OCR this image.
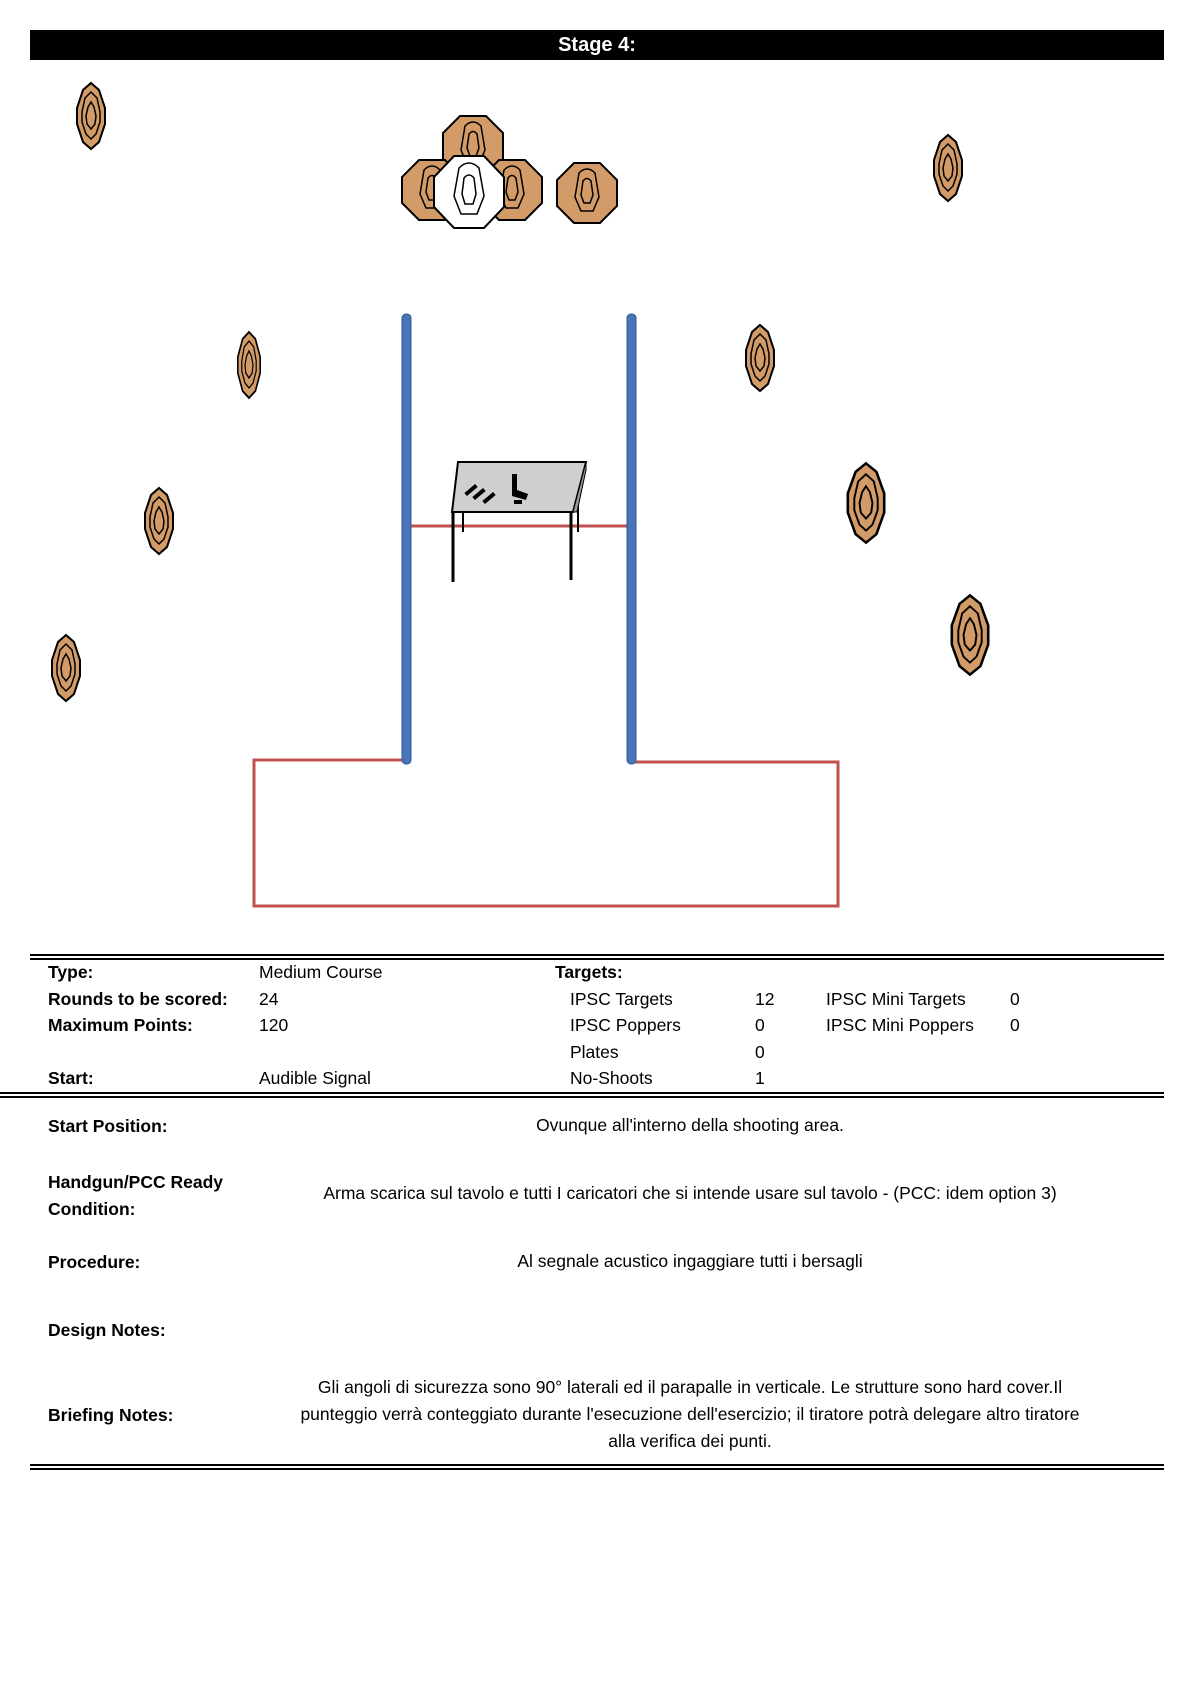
Stage 4:
Type:	Medium Course	Targets:
Rounds to be scored: 24	IPSC Targets	12	IPSC Mini Targets	0
Maximum Points:	120	IPSC Poppers	0	IPSC Mini Poppers 0
Plates	0
Start:	Audible Signal	No-Shoots	1
Start Position:	Ovunque all'interno della shooting area.
Handgun/PCC Ready
Condition:
Arma scarica sul tavolo e tutti I caricatori che si intende usare sul tavolo - (PCC: idem option 3)
Procedure:	Al segnale acustico ingaggiare tutti i bersagli
Design Notes:
Briefing Notes:
Gli angoli di sicurezza sono 90° laterali ed il parapalle in verticale. Le strutture sono hard cover.Il
punteggio verrà conteggiato durante l'esecuzione dell'esercizio; il tiratore potrà delegare altro tiratore
alla verifica dei punti.
